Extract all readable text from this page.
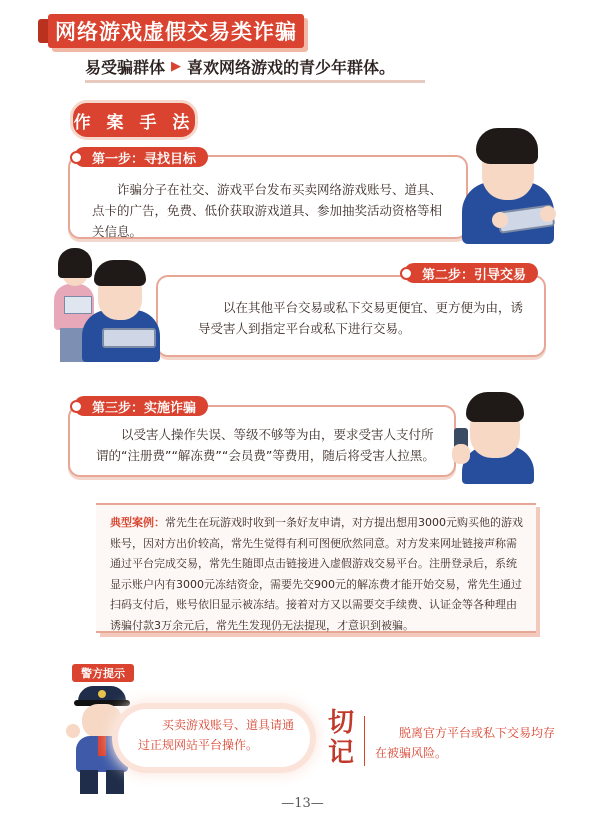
网络游戏虚假交易类诈骗
易受骗群体 ▶ 喜欢网络游戏的青少年群体。
作 案 手 法
诈骗分子在社交、游戏平台发布买卖网络游戏账号、道具、点卡的广告，免费、低价获取游戏道具、参加抽奖活动资格等相关信息。
第一步：寻找目标
以在其他平台交易或私下交易更便宜、更方便为由，诱导受害人到指定平台或私下进行交易。
第二步：引导交易
以受害人操作失误、等级不够等为由，要求受害人支付所谓的“注册费”“解冻费”“会员费”等费用，随后将受害人拉黑。
第三步：实施诈骗
典型案例：常先生在玩游戏时收到一条好友申请，对方提出想用3000元购买他的游戏账号，因对方出价较高，常先生觉得有利可图便欣然同意。对方发来网址链接声称需通过平台完成交易，常先生随即点击链接进入虚假游戏交易平台。注册登录后，系统显示账户内有3000元冻结资金，需要先交900元的解冻费才能开始交易，常先生通过扫码支付后，账号依旧显示被冻结。接着对方又以需要交手续费、认证金等各种理由诱骗付款3万余元后，常先生发现仍无法提现，才意识到被骗。
警方提示
买卖游戏账号、道具请通过正规网站平台操作。
切记
脱离官方平台或私下交易均存在被骗风险。
—13—
